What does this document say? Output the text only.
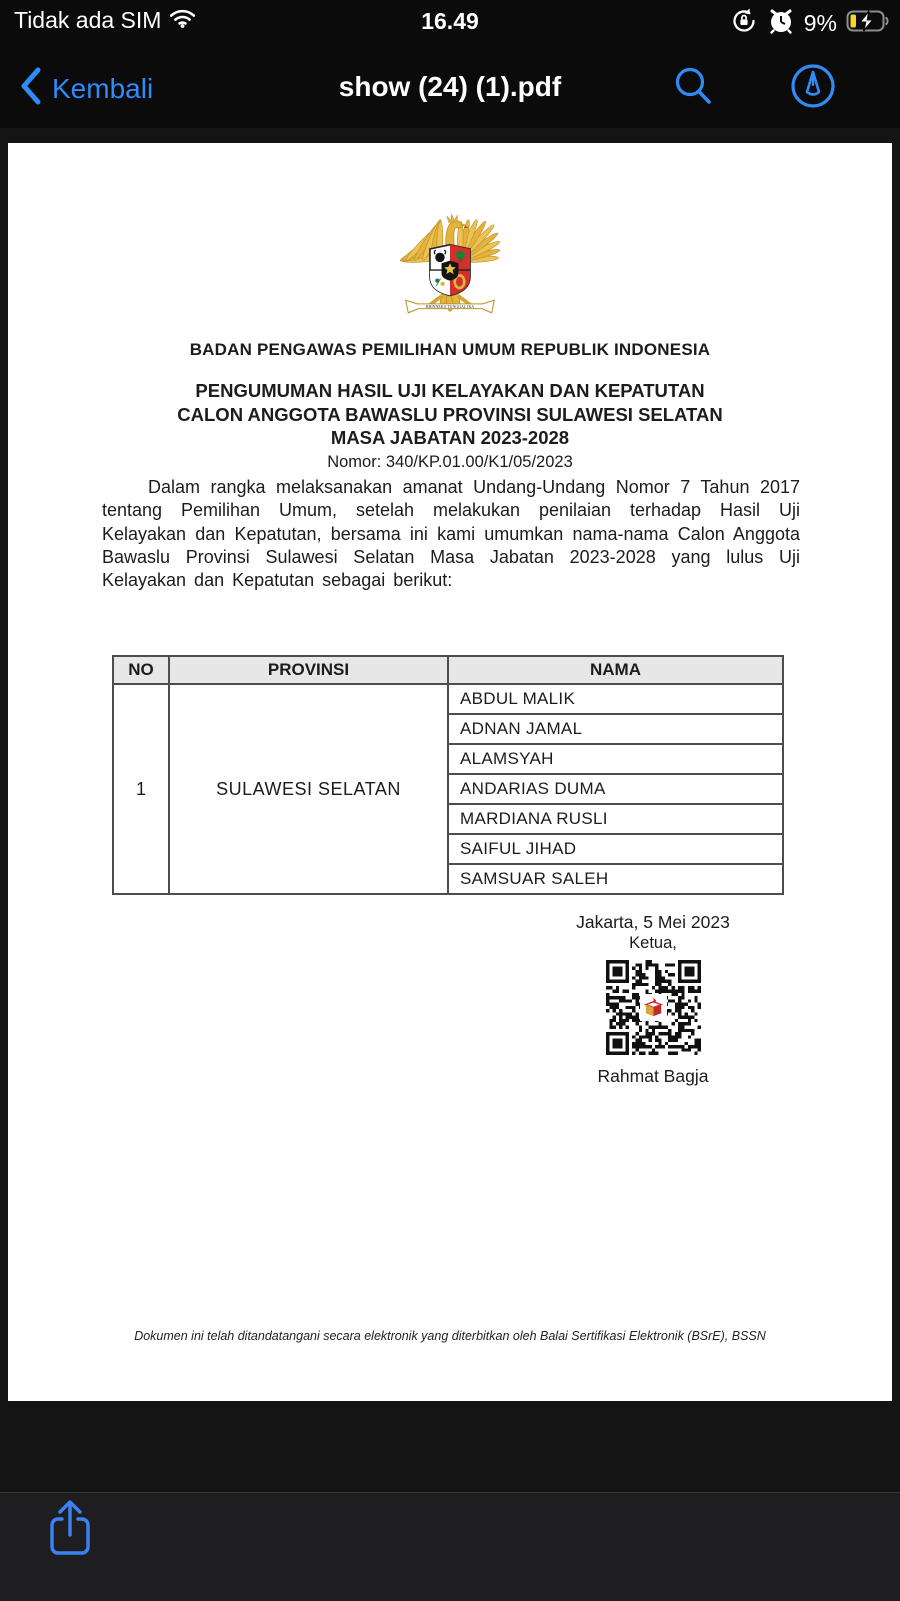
Tidak ada SIM	16.49	9%
Kembali	show (24) (1).pdf
BHINNEKA TUNGGAL IKA
BADAN PENGAWAS PEMILIHAN UMUM REPUBLIK INDONESIA
PENGUMUMAN HASIL UJI KELAYAKAN DAN KEPATUTAN
CALON ANGGOTA BAWASLU PROVINSI SULAWESI SELATAN
MASA JABATAN 2023-2028
Nomor: 340/KP.01.00/K1/05/2023
Dalam rangka melaksanakan amanat Undang-Undang Nomor 7 Tahun 2017 tentang Pemilihan Umum, setelah melakukan penilaian terhadap Hasil Uji Kelayakan dan Kepatutan, bersama ini kami umumkan nama-nama Calon Anggota Bawaslu Provinsi Sulawesi Selatan Masa Jabatan 2023-2028 yang lulus Uji Kelayakan dan Kepatutan sebagai berikut:
NO	PROVINSI	NAMA
1	SULAWESI SELATAN	ABDUL MALIK
		ADNAN JAMAL
		ALAMSYAH
		ANDARIAS DUMA
		MARDIANA RUSLI
		SAIFUL JIHAD
		SAMSUAR SALEH
Jakarta, 5 Mei 2023
Ketua,
Rahmat Bagja
Dokumen ini telah ditandatangani secara elektronik yang diterbitkan oleh Balai Sertifikasi Elektronik (BSrE), BSSN
